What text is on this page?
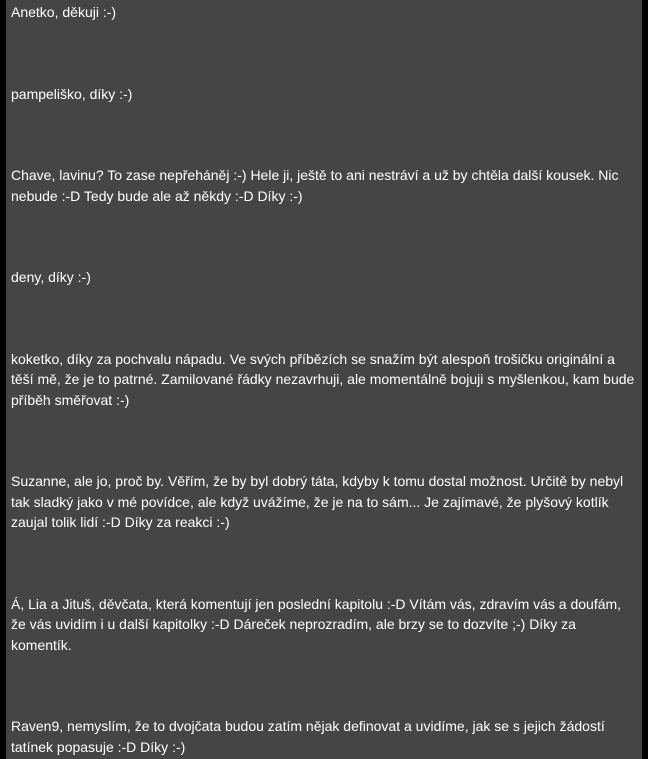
Anetko, děkuji :-)

pampeliško, díky :-)

Chave, lavinu? To zase nepřeháněj :-) Hele ji, ještě to ani nestráví a už by chtěla další kousek. Nic nebude :-D Tedy bude ale až někdy :-D Díky :-)

deny, díky :-)

koketko, díky za pochvalu nápadu. Ve svých příbězích se snažím být alespoň trošičku originální a těší mě, že je to patrné. Zamilované řádky nezavrhuji, ale momentálně bojuji s myšlenkou, kam bude příběh směřovat :-)

Suzanne, ale jo, proč by. Věřím, že by byl dobrý táta, kdyby k tomu dostal možnost. Určitě by nebyl tak sladký jako v mé povídce, ale když uvážíme, že je na to sám... Je zajímavé, že plyšový kotlík zaujal tolik lidí :-D Díky za reakci :-)

Á, Lia a Jituš, děvčata, která komentují jen poslední kapitolu :-D Vítám vás, zdravím vás a doufám, že vás uvidím i u další kapitolky :-D Dáreček neprozradím, ale brzy se to dozvíte ;-) Díky za komentík.

Raven9, nemyslím, že to dvojčata budou zatím nějak definovat a uvidíme, jak se s jejich žádostí tatínek popasuje :-D Díky :-)
